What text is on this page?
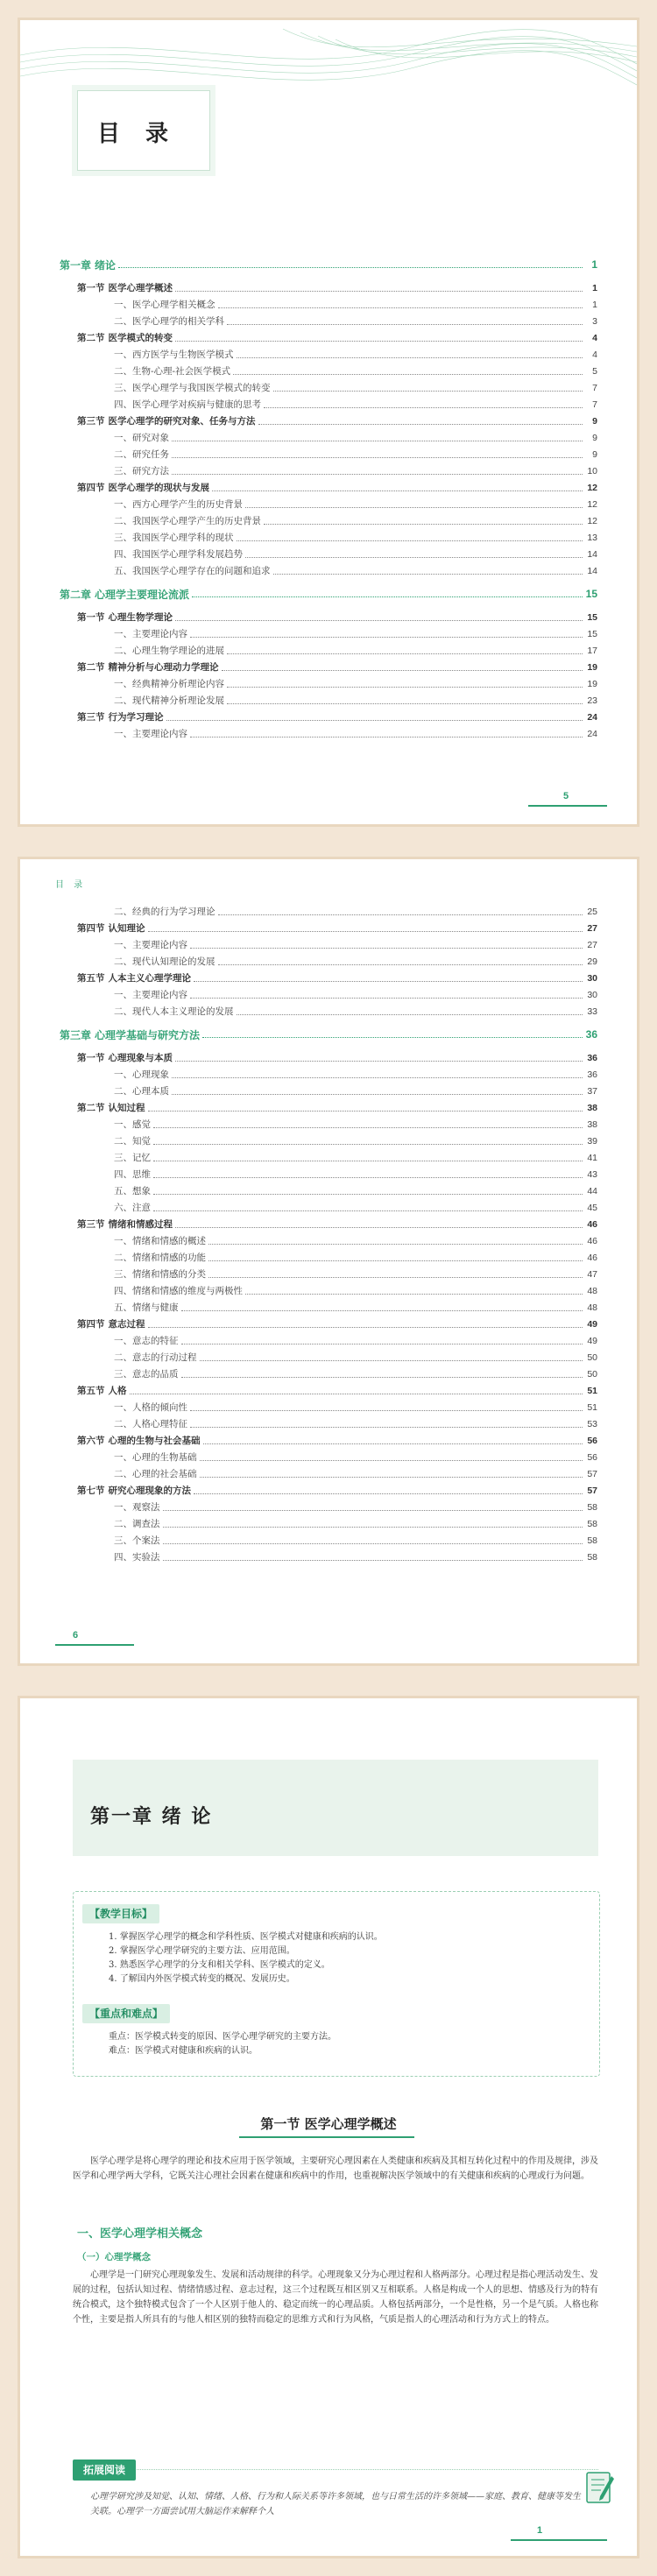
目 录
第一章 绪论	1
第一节 医学心理学概述	1
一、医学心理学相关概念	1
二、医学心理学的相关学科	3
第二节 医学模式的转变	4
一、西方医学与生物医学模式	4
二、生物-心理-社会医学模式	5
三、医学心理学与我国医学模式的转变	7
四、医学心理学对疾病与健康的思考	7
第三节 医学心理学的研究对象、任务与方法	9
一、研究对象	9
二、研究任务	9
三、研究方法	10
第四节 医学心理学的现状与发展	12
一、西方心理学产生的历史背景	12
二、我国医学心理学产生的历史背景	12
三、我国医学心理学科的现状	13
四、我国医学心理学科发展趋势	14
五、我国医学心理学存在的问题和追求	14
第二章 心理学主要理论流派	15
第一节 心理生物学理论	15
一、主要理论内容	15
二、心理生物学理论的进展	17
第二节 精神分析与心理动力学理论	19
一、经典精神分析理论内容	19
二、现代精神分析理论发展	23
第三节 行为学习理论	24
一、主要理论内容	24
5
目 录
二、经典的行为学习理论	25
第四节 认知理论	27
一、主要理论内容	27
二、现代认知理论的发展	29
第五节 人本主义心理学理论	30
一、主要理论内容	30
二、现代人本主义理论的发展	33
第三章 心理学基础与研究方法	36
第一节 心理现象与本质	36
一、心理现象	36
二、心理本质	37
第二节 认知过程	38
一、感觉	38
二、知觉	39
三、记忆	41
四、思维	43
五、想象	44
六、注意	45
第三节 情绪和情感过程	46
一、情绪和情感的概述	46
二、情绪和情感的功能	46
三、情绪和情感的分类	47
四、情绪和情感的维度与两极性	48
五、情绪与健康	48
第四节 意志过程	49
一、意志的特征	49
二、意志的行动过程	50
三、意志的品质	50
第五节 人格	51
一、人格的倾向性	51
二、人格心理特征	53
第六节 心理的生物与社会基础	56
一、心理的生物基础	56
二、心理的社会基础	57
第七节 研究心理现象的方法	57
一、观察法	58
二、调查法	58
三、个案法	58
四、实验法	58
6
第一章 绪 论
【教学目标】
1. 掌握医学心理学的概念和学科性质、医学模式对健康和疾病的认识。
2. 掌握医学心理学研究的主要方法、应用范围。
3. 熟悉医学心理学的分支和相关学科、医学模式的定义。
4. 了解国内外医学模式转变的概况、发展历史。
【重点和难点】
重点：医学模式转变的原因、医学心理学研究的主要方法。
难点：医学模式对健康和疾病的认识。
第一节 医学心理学概述

医学心理学是将心理学的理论和技术应用于医学领域，主要研究心理因素在人类健康和疾病及其相互转化过程中的作用及规律，涉及医学和心理学两大学科，它既关注心理社会因素在健康和疾病中的作用，也重视解决医学领域中的有关健康和疾病的心理或行为问题。

一、医学心理学相关概念
（一）心理学概念

心理学是一门研究心理现象发生、发展和活动规律的科学。心理现象又分为心理过程和人格两部分。心理过程是指心理活动发生、发展的过程，包括认知过程、情绪情感过程、意志过程，这三个过程既互相区别又互相联系。人格是构成一个人的思想、情感及行为的特有统合模式，这个独特模式包含了一个人区别于他人的、稳定而统一的心理品质。人格包括两部分，一个是性格，另一个是气质。人格也称个性，主要是指人所具有的与他人相区别的独特而稳定的思维方式和行为风格，气质是指人的心理活动和行为方式上的特点。

拓展阅读

心理学研究涉及知觉、认知、情绪、人格、行为和人际关系等许多领域，也与日常生活的许多领域——家庭、教育、健康等发生关联。心理学一方面尝试用大脑运作来解释个人

1
